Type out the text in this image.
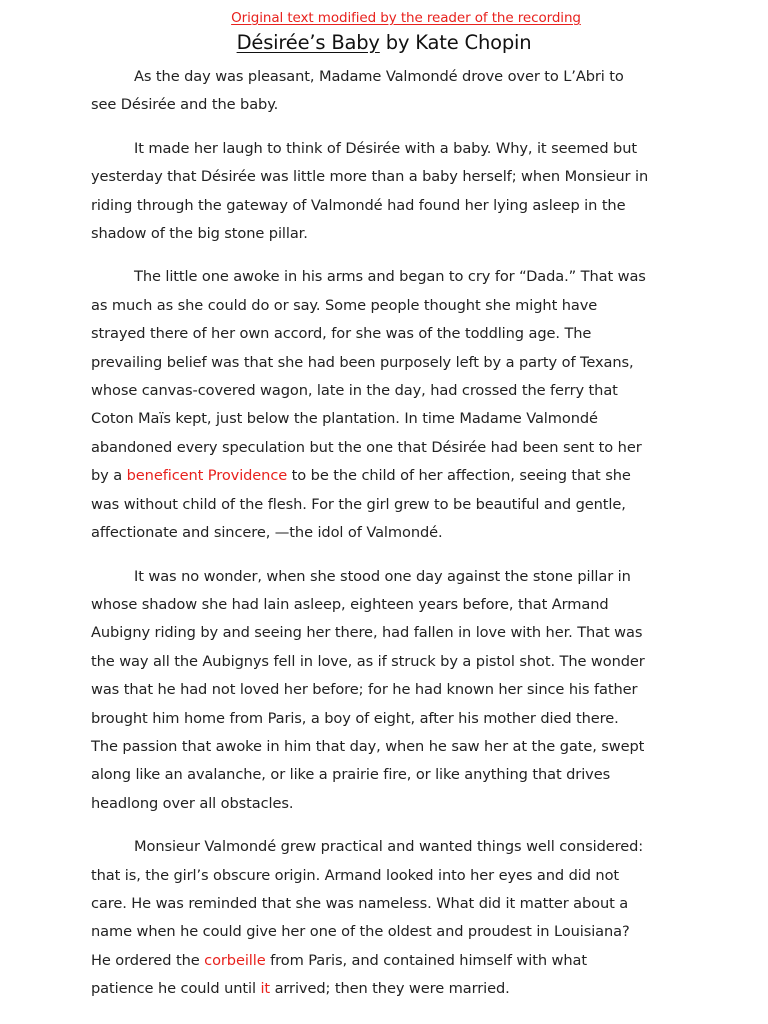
Original text modified by the reader of the recording
Désirée’s Baby by Kate Chopin

As the day was pleasant, Madame Valmondé drove over to L’Abri to
see Désirée and the baby.

It made her laugh to think of Désirée with a baby. Why, it seemed but
yesterday that Désirée was little more than a baby herself; when Monsieur in
riding through the gateway of Valmondé had found her lying asleep in the
shadow of the big stone pillar.

The little one awoke in his arms and began to cry for “Dada.” That was
as much as she could do or say. Some people thought she might have
strayed there of her own accord, for she was of the toddling age. The
prevailing belief was that she had been purposely left by a party of Texans,
whose canvas-covered wagon, late in the day, had crossed the ferry that
Coton Maïs kept, just below the plantation. In time Madame Valmondé
abandoned every speculation but the one that Désirée had been sent to her
by a beneficent Providence to be the child of her affection, seeing that she
was without child of the flesh. For the girl grew to be beautiful and gentle,
affectionate and sincere, —the idol of Valmondé.

It was no wonder, when she stood one day against the stone pillar in
whose shadow she had lain asleep, eighteen years before, that Armand
Aubigny riding by and seeing her there, had fallen in love with her. That was
the way all the Aubignys fell in love, as if struck by a pistol shot. The wonder
was that he had not loved her before; for he had known her since his father
brought him home from Paris, a boy of eight, after his mother died there.
The passion that awoke in him that day, when he saw her at the gate, swept
along like an avalanche, or like a prairie fire, or like anything that drives
headlong over all obstacles.

Monsieur Valmondé grew practical and wanted things well considered:
that is, the girl’s obscure origin. Armand looked into her eyes and did not
care. He was reminded that she was nameless. What did it matter about a
name when he could give her one of the oldest and proudest in Louisiana?
He ordered the corbeille from Paris, and contained himself with what
patience he could until it arrived; then they were married.
